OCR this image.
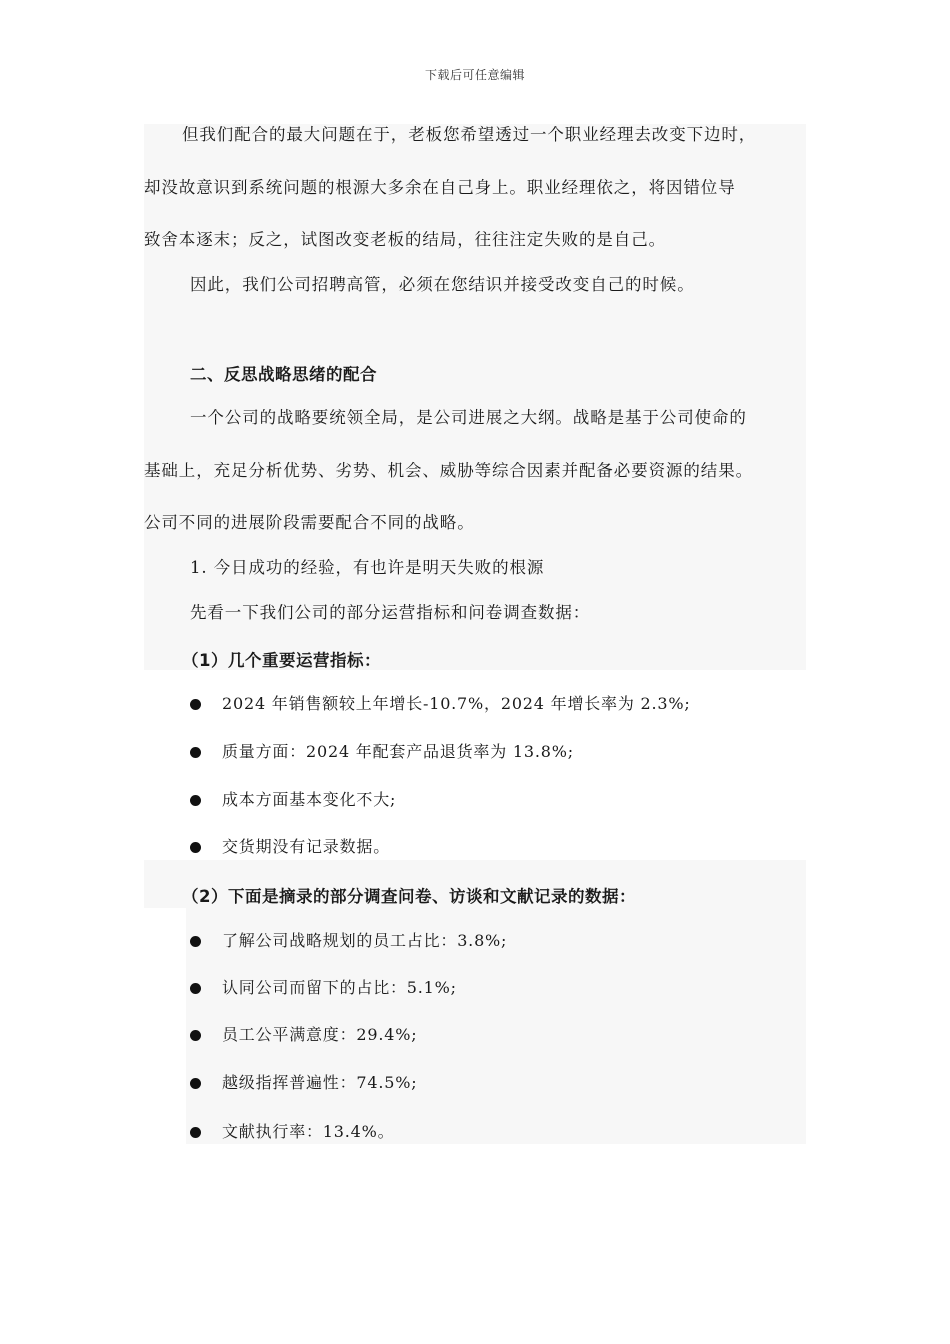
下载后可任意编辑
但我们配合的最大问题在于，老板您希望透过一个职业经理去改变下边时，
却没故意识到系统问题的根源大多余在自己身上。职业经理依之，将因错位导
致舍本逐末；反之，试图改变老板的结局，往往注定失败的是自己。
因此，我们公司招聘高管，必须在您结识并接受改变自己的时候。
二、反思战略思绪的配合
一个公司的战略要统领全局，是公司进展之大纲。战略是基于公司使命的
基础上，充足分析优势、劣势、机会、威胁等综合因素并配备必要资源的结果。
公司不同的进展阶段需要配合不同的战略。
1. 今日成功的经验，有也许是明天失败的根源
先看一下我们公司的部分运营指标和问卷调查数据：
（1）几个重要运营指标：
2024 年销售额较上年增长-10.7%，2024 年增长率为 2.3%;
质量方面：2024 年配套产品退货率为 13.8%;
成本方面基本变化不大;
交货期没有记录数据。
（2）下面是摘录的部分调查问卷、访谈和文献记录的数据：
了解公司战略规划的员工占比：3.8%;
认同公司而留下的占比：5.1%;
员工公平满意度：29.4%;
越级指挥普遍性：74.5%;
文献执行率：13.4%。
